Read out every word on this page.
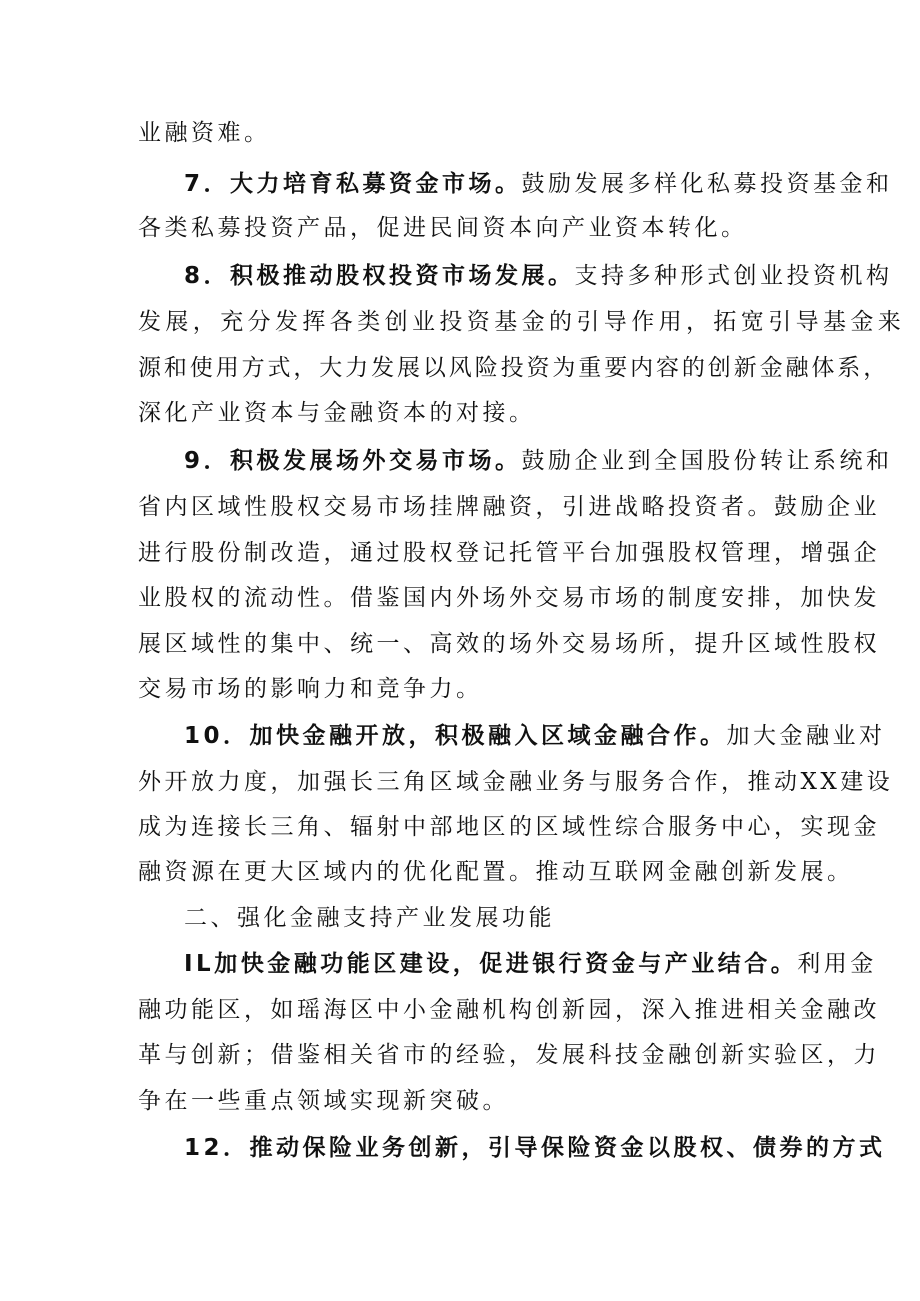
业融资难。
7．大力培育私募资金市场。鼓励发展多样化私募投资基金和
各类私募投资产品，促进民间资本向产业资本转化。
8．积极推动股权投资市场发展。支持多种形式创业投资机构
发展，充分发挥各类创业投资基金的引导作用，拓宽引导基金来
源和使用方式，大力发展以风险投资为重要内容的创新金融体系，
深化产业资本与金融资本的对接。
9．积极发展场外交易市场。鼓励企业到全国股份转让系统和
省内区域性股权交易市场挂牌融资，引进战略投资者。鼓励企业
进行股份制改造，通过股权登记托管平台加强股权管理，增强企
业股权的流动性。借鉴国内外场外交易市场的制度安排，加快发
展区域性的集中、统一、高效的场外交易场所，提升区域性股权
交易市场的影响力和竞争力。
10．加快金融开放，积极融入区域金融合作。加大金融业对
外开放力度，加强长三角区域金融业务与服务合作，推动XX建设
成为连接长三角、辐射中部地区的区域性综合服务中心，实现金
融资源在更大区域内的优化配置。推动互联网金融创新发展。
二、强化金融支持产业发展功能
IL加快金融功能区建设，促进银行资金与产业结合。利用金
融功能区，如瑶海区中小金融机构创新园，深入推进相关金融改
革与创新；借鉴相关省市的经验，发展科技金融创新实验区，力
争在一些重点领域实现新突破。
12．推动保险业务创新，引导保险资金以股权、债券的方式
